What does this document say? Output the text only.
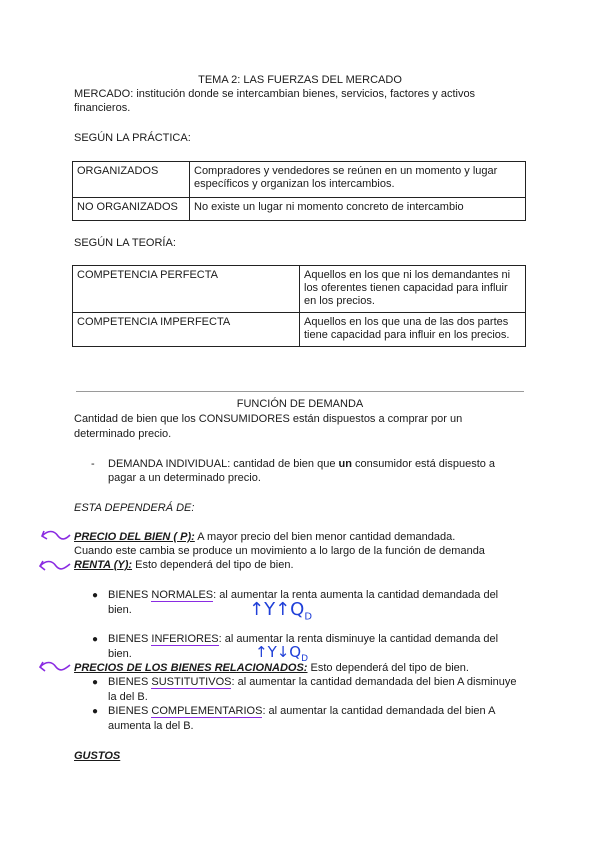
TEMA 2: LAS FUERZAS DEL MERCADO
MERCADO: institución donde se intercambian bienes, servicios, factores y activos
financieros.
SEGÚN LA PRÁCTICA:
ORGANIZADOS	Compradores y vendedores se reúnen en un momento y lugar
específicos y organizan los intercambios.

NO ORGANIZADOS	No existe un lugar ni momento concreto de intercambio
SEGÚN LA TEORÍA:
COMPETENCIA PERFECTA	Aquellos en los que ni los demandantes ni
los oferentes tienen capacidad para influir
en los precios.

COMPETENCIA IMPERFECTA	Aquellos en los que una de las dos partes
tiene capacidad para influir en los precios.
FUNCIÓN DE DEMANDA
Cantidad de bien que los CONSUMIDORES están dispuestos a comprar por un
determinado precio.
- DEMANDA INDIVIDUAL: cantidad de bien que un consumidor está dispuesto a
pagar a un determinado precio.
ESTA DEPENDERÁ DE:
PRECIO DEL BIEN ( P): A mayor precio del bien menor cantidad demandada.
Cuando este cambia se produce un movimiento a lo largo de la función de demanda
RENTA (Y): Esto dependerá del tipo de bien.
● BIENES NORMALES: al aumentar la renta aumenta la cantidad demandada del
bien.	$↑Y↑Q_D$
● BIENES INFERIORES: al aumentar la renta disminuye la cantidad demanda del
bien.	$↑Y↓Q_D$
PRECIOS DE LOS BIENES RELACIONADOS: Esto dependerá del tipo de bien.
● BIENES SUSTITUTIVOS: al aumentar la cantidad demandada del bien A disminuye
la del B.
● BIENES COMPLEMENTARIOS: al aumentar la cantidad demandada del bien A
aumenta la del B.
GUSTOS
